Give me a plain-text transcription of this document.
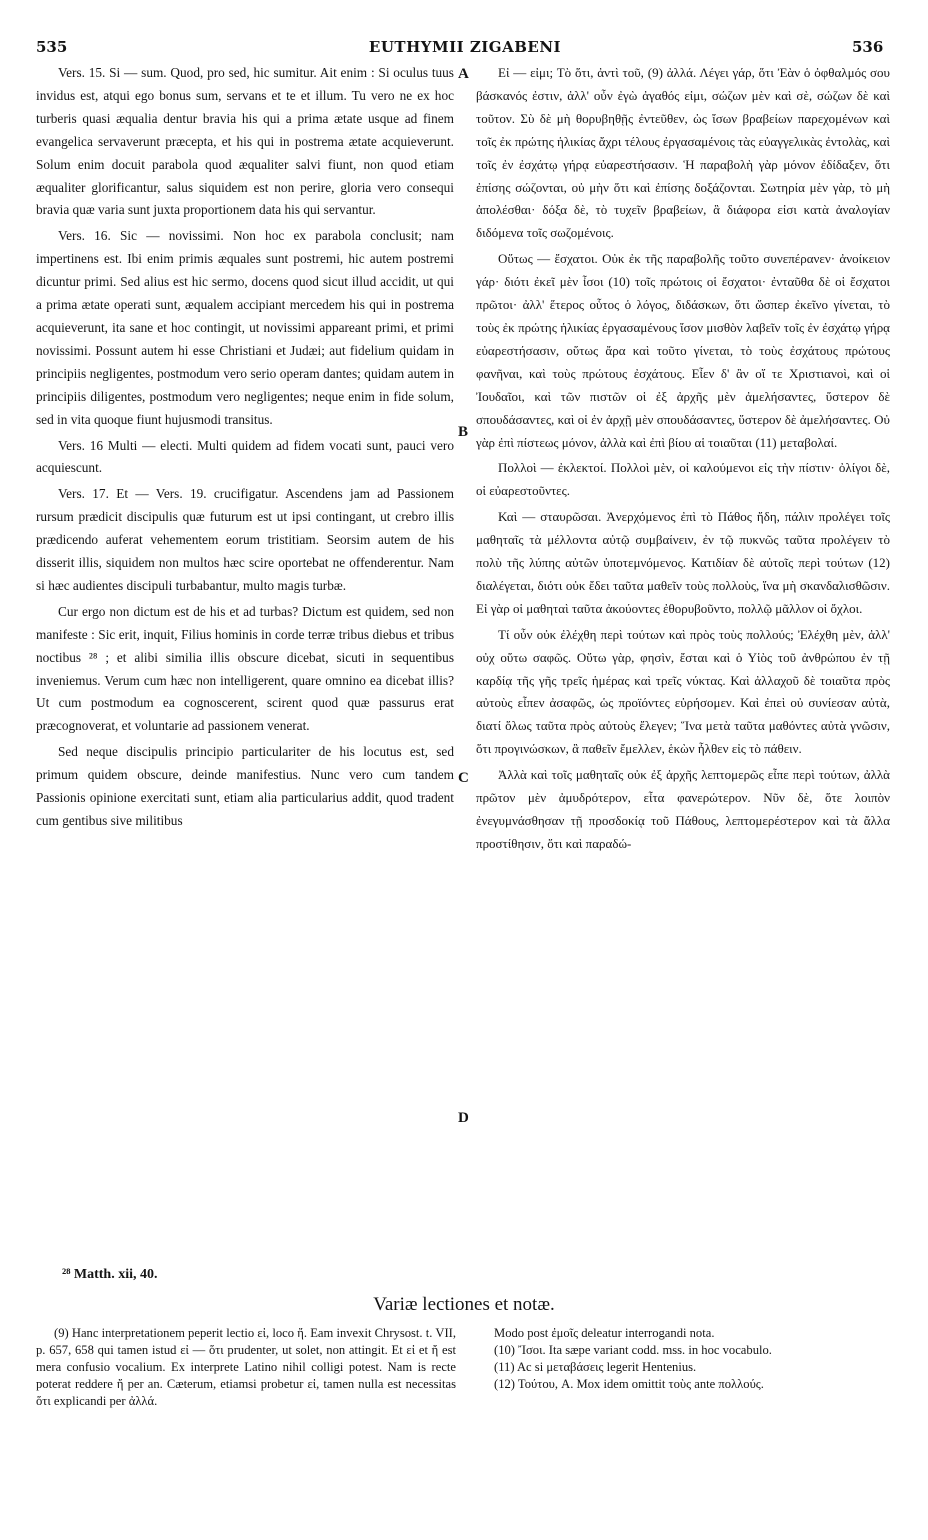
535	EUTHYMII ZIGABENI	536

Vers. 15. Si — sum. Quod, pro sed, hic sumitur. Ait enim : Si oculus tuus invidus est, atqui ego bonus sum, servans et te et illum. Tu vero ne ex hoc turberis quasi æqualia dentur bravia his qui a prima ætate usque ad finem evangelica servaverunt præcepta, et his qui in postrema ætate acquieverunt. Solum enim docuit parabola quod æqualiter salvi fiunt, non quod etiam æqualiter glorificantur, salus siquidem est non perire, gloria vero consequi bravia quæ varia sunt juxta proportionem data his qui servantur.

Vers. 16. Sic — novissimi. Non hoc ex parabola conclusit; nam impertinens est. Ibi enim primis æquales sunt postremi, hic autem postremi dicuntur primi. Sed alius est hic sermo, docens quod sicut illud accidit, ut qui a prima ætate operati sunt, æqualem accipiant mercedem his qui in postrema acquieverunt, ita sane et hoc contingit, ut novissimi appareant primi, et primi novissimi. Possunt autem hi esse Christiani et Judæi; aut fidelium quidam in principiis negligentes, postmodum vero serio operam dantes; quidam autem in principiis diligentes, postmodum vero negligentes; neque enim in fide solum, sed in vita quoque fiunt hujusmodi transitus.

Vers. 16 Multi — electi. Multi quidem ad fidem vocati sunt, pauci vero acquiescunt.

Vers. 17. Et — Vers. 19. crucifigatur. Ascendens jam ad Passionem rursum prædicit discipulis quæ futurum est ut ipsi contingant, ut crebro illis prædicendo auferat vehementem eorum tristitiam. Seorsim autem de his disserit illis, siquidem non multos hæc scire oportebat ne offenderentur. Nam si hæc audientes discipuli turbabantur, multo magis turbæ.

Cur ergo non dictum est de his et ad turbas? Dictum est quidem, sed non manifeste : Sic erit, inquit, Filius hominis in corde terræ tribus diebus et tribus noctibus ²⁸ ; et alibi similia illis obscure dicebat, sicuti in sequentibus inveniemus. Verum cum hæc non intelligerent, quare omnino ea dicebat illis? Ut cum postmodum ea cognoscerent, scirent quod quæ passurus erat præcognoverat, et voluntarie ad passionem venerat.

Sed neque discipulis principio particulariter de his locutus est, sed primum quidem obscure, deinde manifestius. Nunc vero cum tandem Passionis opinione exercitati sunt, etiam alia particularius addit, quod tradent cum gentibus sive militibus

A
B
C
D

Εἰ — εἰμι; Τὸ ὅτι, ἀντὶ τοῦ, (9) ἀλλά. Λέγει γάρ, ὅτι Ἐὰν ὁ ὀφθαλμός σου βάσκανός ἐστιν, ἀλλ' οὖν ἐγὼ ἀγαθός εἰμι, σώζων μὲν καὶ σὲ, σώζων δὲ καὶ τοῦτον. Σὺ δὲ μὴ θορυβηθῇς ἐντεῦθεν, ὡς ἴσων βραβείων παρεχομένων καὶ τοῖς ἐκ πρώτης ἡλικίας ἄχρι τέλους ἐργασαμένοις τὰς εὐαγγελικὰς ἐντολὰς, καὶ τοῖς ἐν ἐσχάτῳ γήρᾳ εὐαρεστήσασιν. Ἡ παραβολὴ γὰρ μόνον ἐδίδαξεν, ὅτι ἐπίσης σώζονται, οὐ μὴν ὅτι καὶ ἐπίσης δοξάζονται. Σωτηρία μὲν γὰρ, τὸ μὴ ἀπολέσθαι· δόξα δὲ, τὸ τυχεῖν βραβείων, ἃ διάφορα εἰσι κατὰ ἀναλογίαν διδόμενα τοῖς σωζομένοις.

Οὕτως — ἔσχατοι. Οὐκ ἐκ τῆς παραβολῆς τοῦτο συνεπέρανεν· ἀνοίκειον γάρ· διότι ἐκεῖ μὲν ἶσοι (10) τοῖς πρώτοις οἱ ἔσχατοι· ἐνταῦθα δὲ οἱ ἔσχατοι πρῶτοι· ἀλλ' ἕτερος οὗτος ὁ λόγος, διδάσκων, ὅτι ὥσπερ ἐκεῖνο γίνεται, τὸ τοὺς ἐκ πρώτης ἡλικίας ἐργασαμένους ἴσον μισθὸν λαβεῖν τοῖς ἐν ἐσχάτῳ γήρᾳ εὐαρεστήσασιν, οὕτως ἄρα καὶ τοῦτο γίνεται, τὸ τοὺς ἐσχάτους πρώτους φανῆναι, καὶ τοὺς πρώτους ἐσχάτους. Εἶεν δ' ἂν οἵ τε Χριστιανοὶ, καὶ οἱ Ἰουδαῖοι, καὶ τῶν πιστῶν οἱ ἐξ ἀρχῆς μὲν ἀμελήσαντες, ὕστερον δὲ σπουδάσαντες, καὶ οἱ ἐν ἀρχῇ μὲν σπουδάσαντες, ὕστερον δὲ ἀμελήσαντες. Οὐ γὰρ ἐπὶ πίστεως μόνον, ἀλλὰ καὶ ἐπὶ βίου αἱ τοιαῦται (11) μεταβολαί.

Πολλοὶ — ἐκλεκτοί. Πολλοὶ μὲν, οἱ καλούμενοι εἰς τὴν πίστιν· ὀλίγοι δὲ, οἱ εὐαρεστοῦντες.

Καὶ — σταυρῶσαι. Ἀνερχόμενος ἐπὶ τὸ Πάθος ἤδη, πάλιν προλέγει τοῖς μαθηταῖς τὰ μέλλοντα αὐτῷ συμβαίνειν, ἐν τῷ πυκνῶς ταῦτα προλέγειν τὸ πολὺ τῆς λύπης αὐτῶν ὑποτεμνόμενος. Κατιδίαν δὲ αὐτοῖς περὶ τούτων (12) διαλέγεται, διότι οὐκ ἔδει ταῦτα μαθεῖν τοὺς πολλοὺς, ἵνα μὴ σκανδαλισθῶσιν. Εἰ γὰρ οἱ μαθηταὶ ταῦτα ἀκούοντες ἐθορυβοῦντο, πολλῷ μᾶλλον οἱ ὄχλοι.

Τί οὖν οὐκ ἐλέχθη περὶ τούτων καὶ πρὸς τοὺς πολλούς; Ἐλέχθη μὲν, ἀλλ' οὐχ οὕτω σαφῶς. Οὕτω γὰρ, φησὶν, ἔσται καὶ ὁ Υἱὸς τοῦ ἀνθρώπου ἐν τῇ καρδίᾳ τῆς γῆς τρεῖς ἡμέρας καὶ τρεῖς νύκτας. Καὶ ἀλλαχοῦ δὲ τοιαῦτα πρὸς αὐτοὺς εἶπεν ἀσαφῶς, ὡς προϊόντες εὑρήσομεν. Καὶ ἐπεὶ οὐ συνίεσαν αὐτὰ, διατί ὅλως ταῦτα πρὸς αὐτοὺς ἔλεγεν; Ἵνα μετὰ ταῦτα μαθόντες αὐτὰ γνῶσιν, ὅτι προγινώσκων, ἃ παθεῖν ἔμελλεν, ἑκὼν ἦλθεν εἰς τὸ πάθειν.

Ἀλλὰ καὶ τοῖς μαθηταῖς οὐκ ἐξ ἀρχῆς λεπτομερῶς εἶπε περὶ τούτων, ἀλλὰ πρῶτον μὲν ἀμυδρότερον, εἶτα φανερώτερον. Νῦν δὲ, ὅτε λοιπὸν ἐνεγυμνάσθησαν τῇ προσδοκίᾳ τοῦ Πάθους, λεπτομερέστερον καὶ τὰ ἄλλα προστίθησιν, ὅτι καὶ παραδώ-

²⁸ Matth. xii, 40.
Variæ lectiones et notæ.

(9) Hanc interpretationem peperit lectio εἰ, loco ἤ. Eam invexit Chrysost. t. VII, p. 657, 658 qui tamen istud εἰ — ὅτι prudenter, ut solet, non attingit. Et εἰ et ἤ est mera confusio vocalium. Ex interprete Latino nihil colligi potest. Nam is recte poterat reddere ἤ per an. Cæterum, etiamsi probetur εἰ, tamen nulla est necessitas ὅτι explicandi per ἀλλά.

Modo post ἐμοῖς deleatur interrogandi nota.

(10) Ἴσοι. Ita sæpe variant codd. mss. in hoc vocabulo.

(11) Ac si μεταβάσεις legerit Hentenius.

(12) Τούτου, A. Mox idem omittit τοὺς ante πολλούς.
